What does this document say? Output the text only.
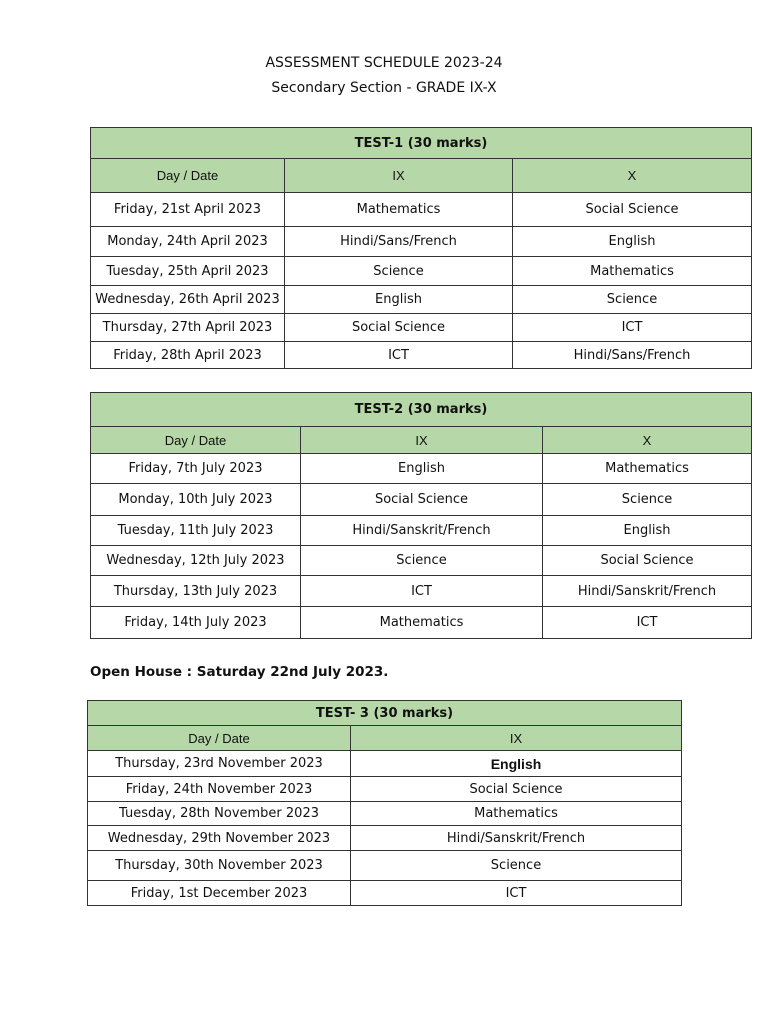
ASSESSMENT SCHEDULE 2023-24
Secondary Section - GRADE IX-X
TEST-1 (30 marks)		
Day / Date	IX	X
Friday, 21st April 2023	Mathematics	Social Science
Monday, 24th April 2023	Hindi/Sans/French	English
Tuesday, 25th April 2023	Science	Mathematics
Wednesday, 26th April 2023	English	Science
Thursday, 27th April 2023	Social Science	ICT
Friday, 28th April 2023	ICT	Hindi/Sans/French
TEST-2 (30 marks)		
Day / Date	IX	X
Friday, 7th July 2023	English	Mathematics
Monday, 10th July 2023	Social Science	Science
Tuesday, 11th July 2023	Hindi/Sanskrit/French	English
Wednesday, 12th July 2023	Science	Social Science
Thursday, 13th July 2023	ICT	Hindi/Sanskrit/French
Friday, 14th July 2023	Mathematics	ICT
Open House : Saturday 22nd July 2023.
TEST- 3 (30 marks)	
Day / Date	IX
Thursday, 23rd November 2023	English
Friday, 24th November 2023	Social Science
Tuesday, 28th November 2023	Mathematics
Wednesday, 29th November 2023	Hindi/Sanskrit/French
Thursday, 30th November 2023	Science
Friday, 1st December 2023	ICT
